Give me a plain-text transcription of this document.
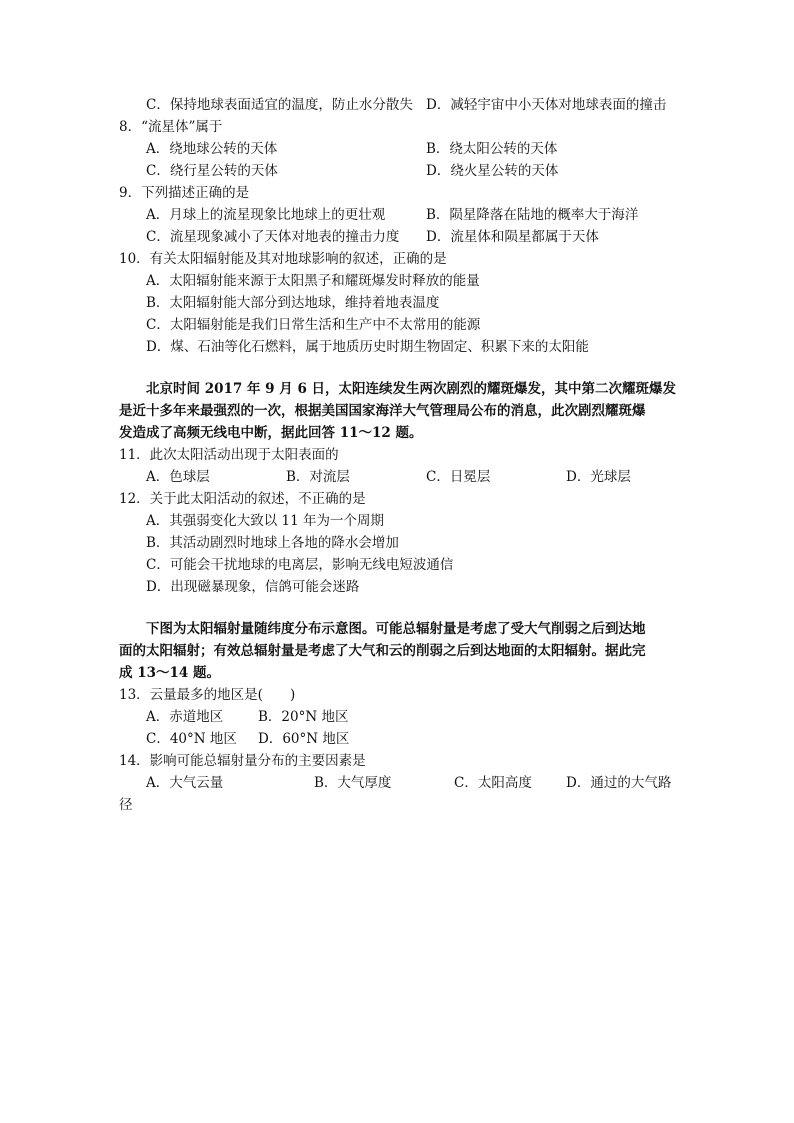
C．保持地球表面适宜的温度，防止水分散失 D．减轻宇宙中小天体对地球表面的撞击
8．“流星体”属于
A．绕地球公转的天体	B．绕太阳公转的天体
C．绕行星公转的天体	D．绕火星公转的天体
9．下列描述正确的是
A．月球上的流星现象比地球上的更壮观	B．陨星降落在陆地的概率大于海洋
C．流星现象减小了天体对地表的撞击力度 D．流星体和陨星都属于天体
10．有关太阳辐射能及其对地球影响的叙述，正确的是
A．太阳辐射能来源于太阳黑子和耀斑爆发时释放的能量
B．太阳辐射能大部分到达地球，维持着地表温度
C．太阳辐射能是我们日常生活和生产中不太常用的能源
D．煤、石油等化石燃料，属于地质历史时期生物固定、积累下来的太阳能
北京时间 2017 年 9 月 6 日，太阳连续发生两次剧烈的耀斑爆发，其中第二次耀斑爆发
是近十多年来最强烈的一次，根据美国国家海洋大气管理局公布的消息，此次剧烈耀斑爆
发造成了高频无线电中断，据此回答 11～12 题。
11．此次太阳活动出现于太阳表面的
A．色球层	B．对流层	C．日冕层	D．光球层
12．关于此太阳活动的叙述，不正确的是
A．其强弱变化大致以 11 年为一个周期
B．其活动剧烈时地球上各地的降水会增加
C．可能会干扰地球的电离层，影响无线电短波通信
D．出现磁暴现象，信鸽可能会迷路
下图为太阳辐射量随纬度分布示意图。可能总辐射量是考虑了受大气削弱之后到达地
面的太阳辐射；有效总辐射量是考虑了大气和云的削弱之后到达地面的太阳辐射。据此完
成 13～14 题。
13．云量最多的地区是(　　)
A．赤道地区	B．20°N 地区
C．40°N 地区 D．60°N 地区
14．影响可能总辐射量分布的主要因素是
A．大气云量	B．大气厚度	C．太阳高度	D．通过的大气路
径
